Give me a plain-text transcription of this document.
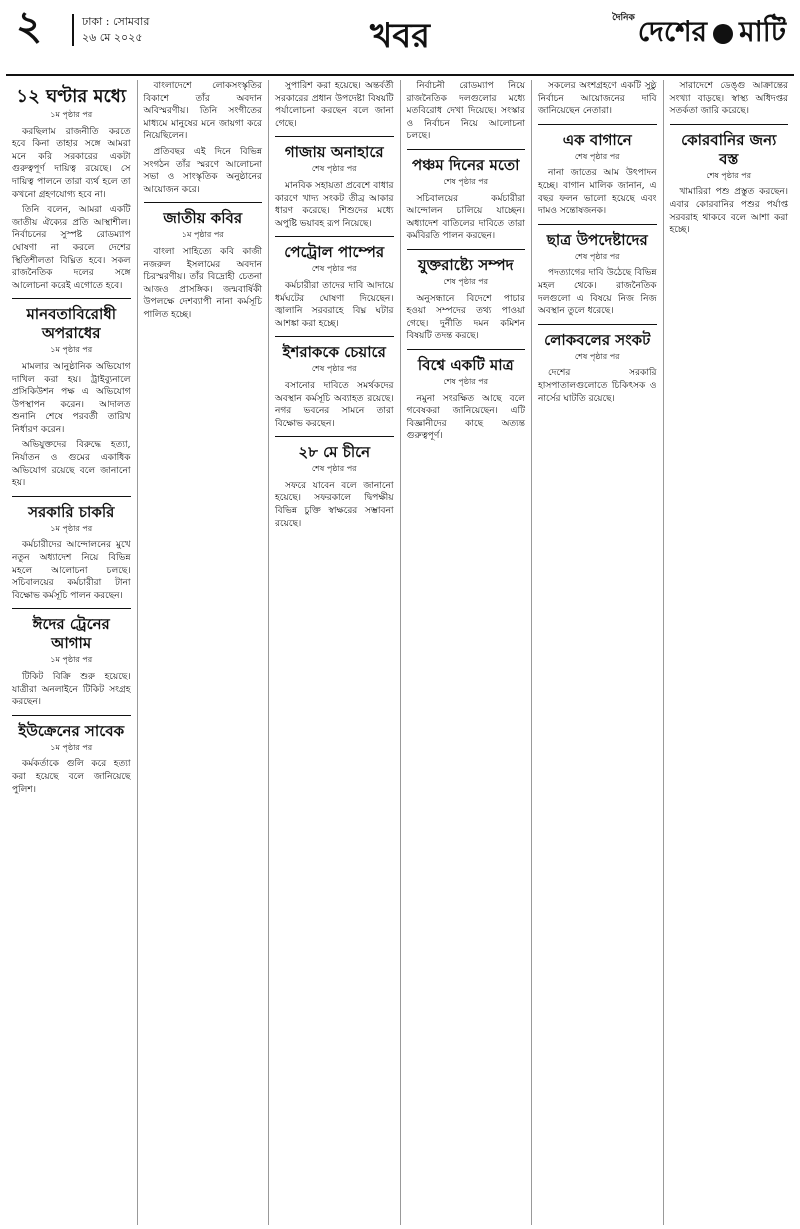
২	ঢাকা : সোমবার
২৬ মে ২০২৫	খবর	দৈনিক দেশের মাটি
১২ ঘণ্টার মধ্যে
১ম পৃষ্ঠার পর

করছিলাম রাজনীতি করতে হবে কিনা তাহার সঙ্গে আমরা মনে করি সরকারের একটা গুরুত্বপূর্ণ দায়িত্ব রয়েছে। সে দায়িত্ব পালনে তারা ব্যর্থ হলে তা কখনো গ্রহণযোগ্য হবে না।

তিনি বলেন, আমরা একটি জাতীয় ঐক্যের প্রতি আস্থাশীল। নির্বাচনের সুস্পষ্ট রোডম্যাপ ঘোষণা না করলে দেশের স্থিতিশীলতা বিঘ্নিত হবে। সকল রাজনৈতিক দলের সঙ্গে আলোচনা করেই এগোতে হবে।

মানবতাবিরোধী অপরাধের
১ম পৃষ্ঠার পর

মামলার আনুষ্ঠানিক অভিযোগ দাখিল করা হয়। ট্রাইব্যুনালে প্রসিকিউশন পক্ষ এ অভিযোগ উপস্থাপন করেন। আদালত শুনানি শেষে পরবর্তী তারিখ নির্ধারণ করেন।

অভিযুক্তদের বিরুদ্ধে হত্যা, নির্যাতন ও গুমের একাধিক অভিযোগ রয়েছে বলে জানানো হয়।

সরকারি চাকরি
১ম পৃষ্ঠার পর

কর্মচারীদের আন্দোলনের মুখে নতুন অধ্যাদেশ নিয়ে বিভিন্ন মহলে আলোচনা চলছে। সচিবালয়ের কর্মচারীরা টানা বিক্ষোভ কর্মসূচি পালন করছেন।

ঈদের ট্রেনের আগাম
১ম পৃষ্ঠার পর

টিকিট বিক্রি শুরু হয়েছে। যাত্রীরা অনলাইনে টিকিট সংগ্রহ করছেন।

ইউক্রেনের সাবেক
১ম পৃষ্ঠার পর

কর্মকর্তাকে গুলি করে হত্যা করা হয়েছে বলে জানিয়েছে পুলিশ।

বাংলাদেশে লোকসংস্কৃতির বিকাশে তাঁর অবদান অবিস্মরণীয়। তিনি সংগীতের মাধ্যমে মানুষের মনে জায়গা করে নিয়েছিলেন।

প্রতিবছর এই দিনে বিভিন্ন সংগঠন তাঁর স্মরণে আলোচনা সভা ও সাংস্কৃতিক অনুষ্ঠানের আয়োজন করে।

জাতীয় কবির
১ম পৃষ্ঠার পর

বাংলা সাহিত্যে কবি কাজী নজরুল ইসলামের অবদান চিরস্মরণীয়। তাঁর বিদ্রোহী চেতনা আজও প্রাসঙ্গিক। জন্মবার্ষিকী উপলক্ষে দেশব্যাপী নানা কর্মসূচি পালিত হচ্ছে।

সুপারিশ করা হয়েছে। অন্তর্বর্তী সরকারের প্রধান উপদেষ্টা বিষয়টি পর্যালোচনা করছেন বলে জানা গেছে।

গাজায় অনাহারে
শেষ পৃষ্ঠার পর

মানবিক সহায়তা প্রবেশে বাধার কারণে খাদ্য সংকট তীব্র আকার ধারণ করেছে। শিশুদের মধ্যে অপুষ্টি ভয়াবহ রূপ নিয়েছে।

পেট্রোল পাম্পের
শেষ পৃষ্ঠার পর

কর্মচারীরা তাদের দাবি আদায়ে ধর্মঘটের ঘোষণা দিয়েছেন। জ্বালানি সরবরাহে বিঘ্ন ঘটার আশঙ্কা করা হচ্ছে।

ইশরাককে চেয়ারে
শেষ পৃষ্ঠার পর

বসানোর দাবিতে সমর্থকদের অবস্থান কর্মসূচি অব্যাহত রয়েছে। নগর ভবনের সামনে তারা বিক্ষোভ করছেন।

২৮ মে চীনে
শেষ পৃষ্ঠার পর

সফরে যাবেন বলে জানানো হয়েছে। সফরকালে দ্বিপক্ষীয় বিভিন্ন চুক্তি স্বাক্ষরের সম্ভাবনা রয়েছে।

নির্বাচনী রোডম্যাপ নিয়ে রাজনৈতিক দলগুলোর মধ্যে মতবিরোধ দেখা দিয়েছে। সংস্কার ও নির্বাচন নিয়ে আলোচনা চলছে।

পঞ্চম দিনের মতো
শেষ পৃষ্ঠার পর

সচিবালয়ের কর্মচারীরা আন্দোলন চালিয়ে যাচ্ছেন। অধ্যাদেশ বাতিলের দাবিতে তারা কর্মবিরতি পালন করছেন।

যুক্তরাষ্ট্যে সম্পদ
শেষ পৃষ্ঠার পর

অনুসন্ধানে বিদেশে পাচার হওয়া সম্পদের তথ্য পাওয়া গেছে। দুর্নীতি দমন কমিশন বিষয়টি তদন্ত করছে।

বিশ্বে একটি মাত্র
শেষ পৃষ্ঠার পর

নমুনা সংরক্ষিত আছে বলে গবেষকরা জানিয়েছেন। এটি বিজ্ঞানীদের কাছে অত্যন্ত গুরুত্বপূর্ণ।

সকলের অংশগ্রহণে একটি সুষ্ঠু নির্বাচন আয়োজনের দাবি জানিয়েছেন নেতারা।

এক বাগানে
শেষ পৃষ্ঠার পর

নানা জাতের আম উৎপাদন হচ্ছে। বাগান মালিক জানান, এ বছর ফলন ভালো হয়েছে এবং দামও সন্তোষজনক।

ছাত্র উপদেষ্টাদের
শেষ পৃষ্ঠার পর

পদত্যাগের দাবি উঠেছে বিভিন্ন মহল থেকে। রাজনৈতিক দলগুলো এ বিষয়ে নিজ নিজ অবস্থান তুলে ধরেছে।

লোকবলের সংকট
শেষ পৃষ্ঠার পর

দেশের সরকারি হাসপাতালগুলোতে চিকিৎসক ও নার্সের ঘাটতি রয়েছে।

সারাদেশে ডেঙ্গু আক্রান্তের সংখ্যা বাড়ছে। স্বাস্থ্য অধিদপ্তর সতর্কতা জারি করেছে।

কোরবানির জন্য বস্ত
শেষ পৃষ্ঠার পর

খামারিরা পশু প্রস্তুত করছেন। এবার কোরবানির পশুর পর্যাপ্ত সরবরাহ থাকবে বলে আশা করা হচ্ছে।
